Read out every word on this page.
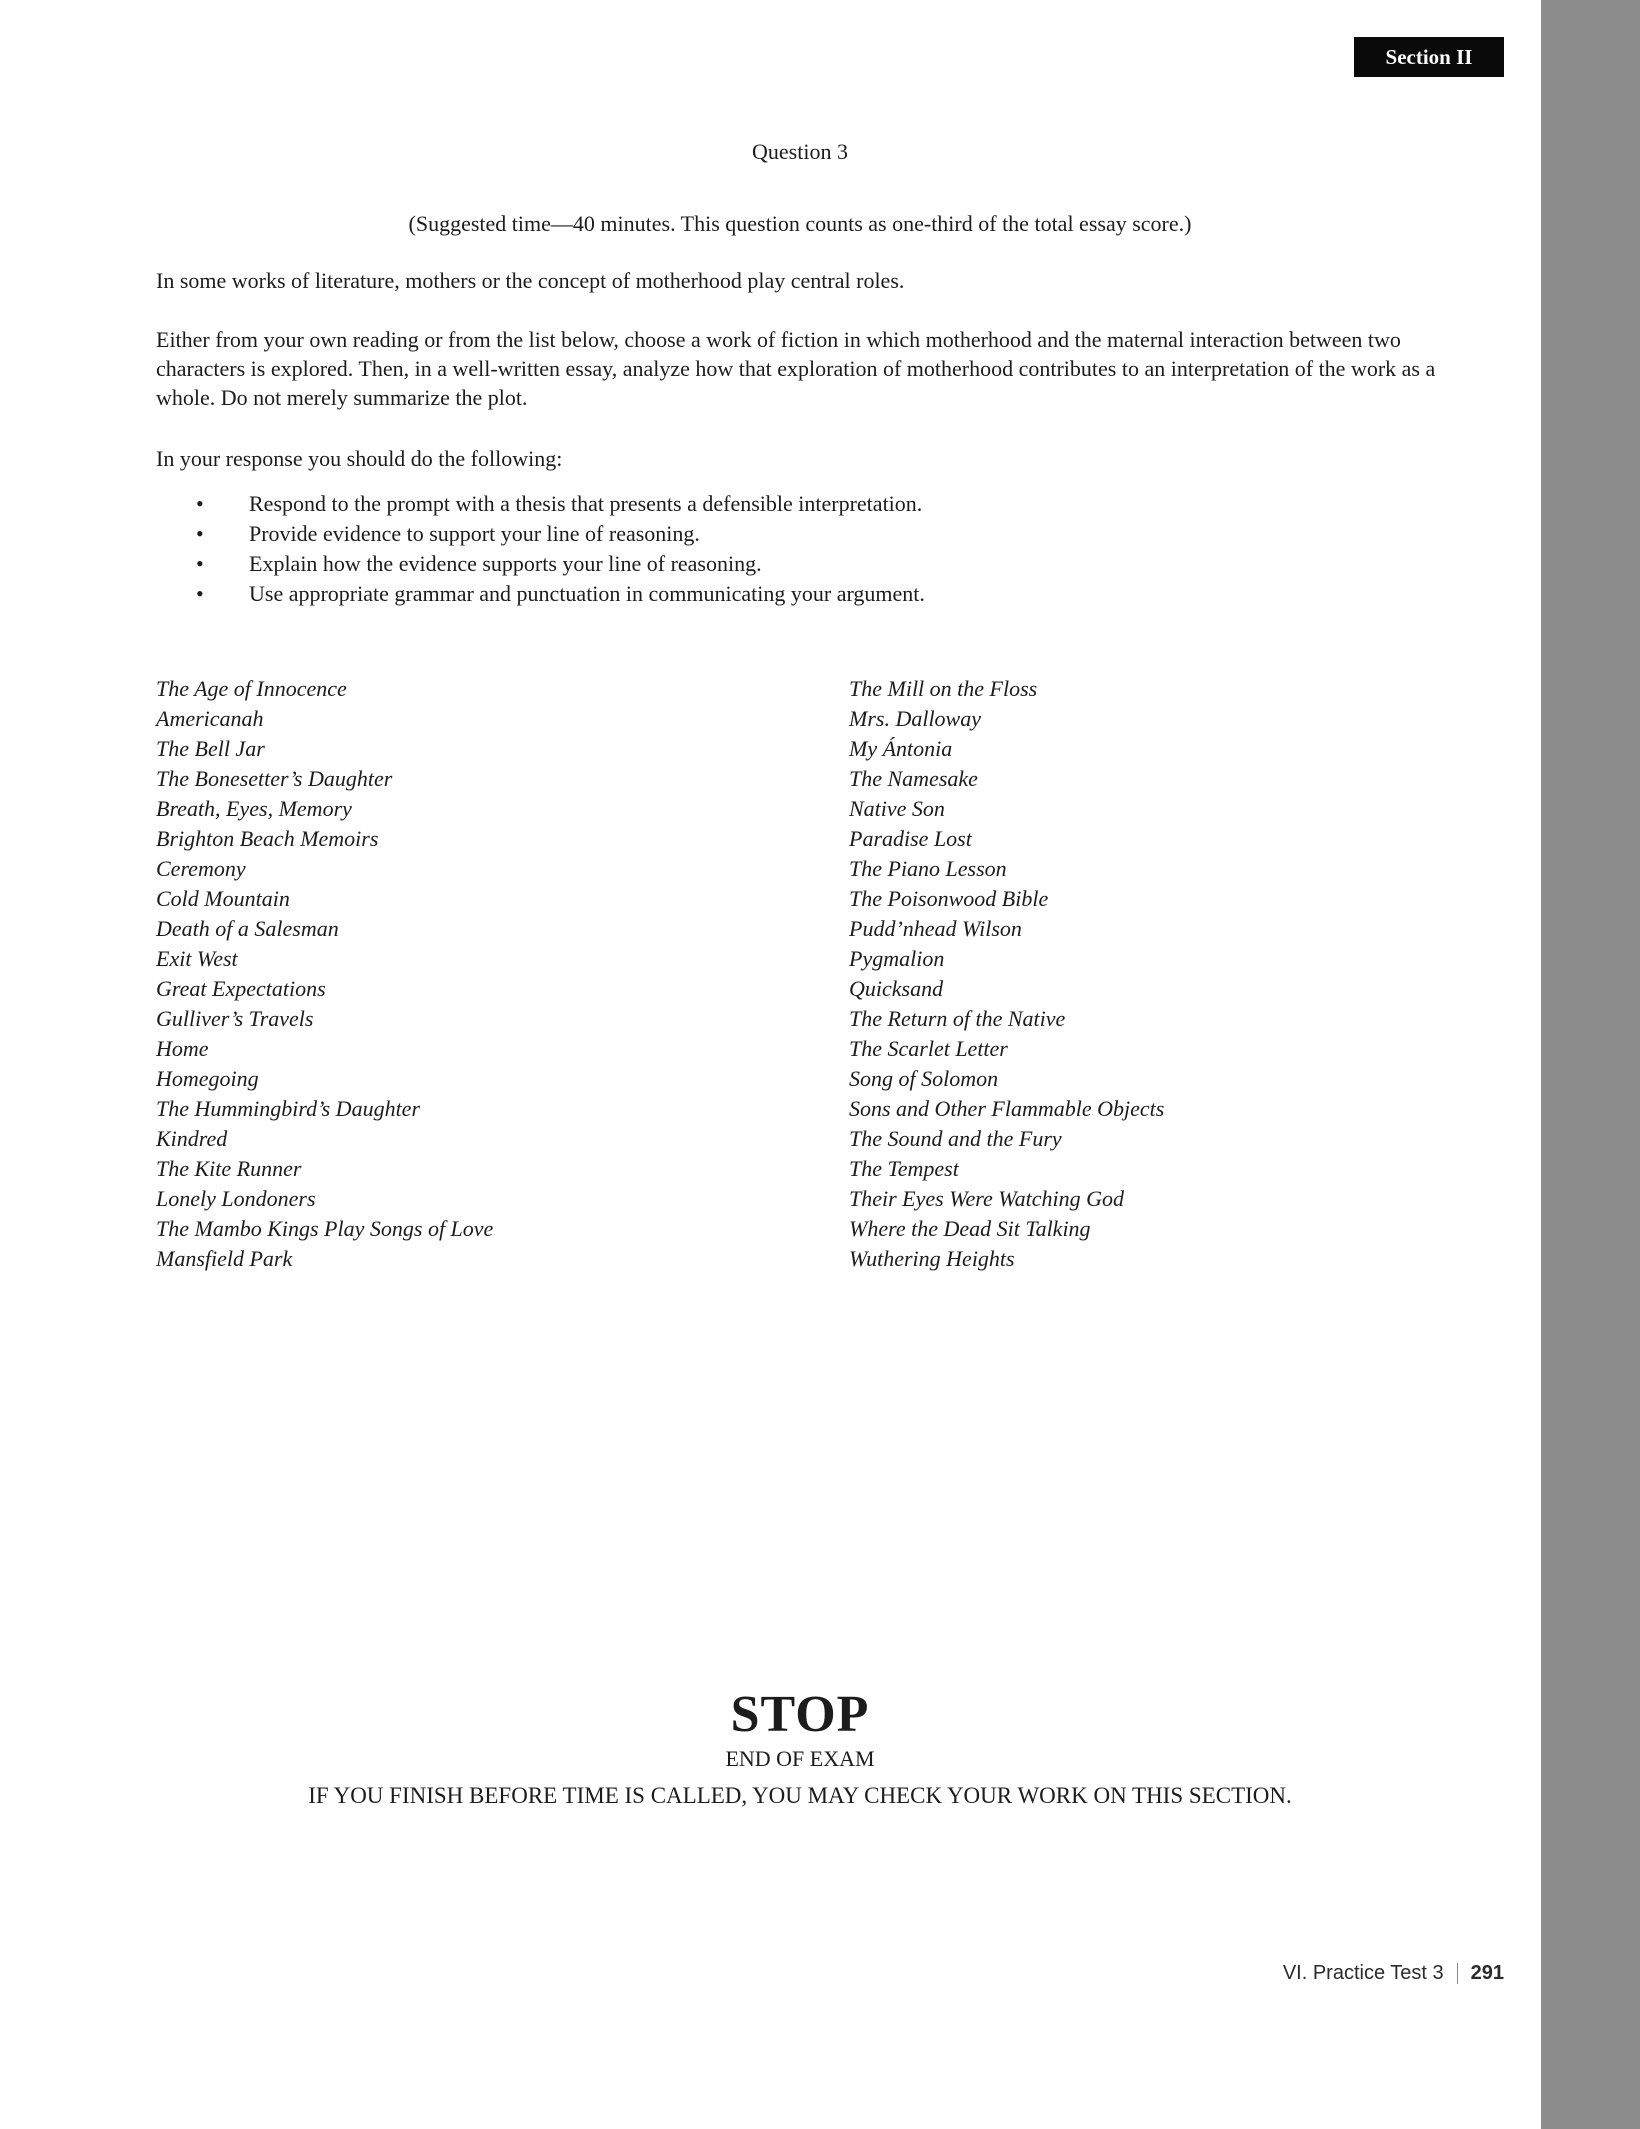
Section II
Question 3

(Suggested time—40 minutes. This question counts as one-third of the total essay score.)

In some works of literature, mothers or the concept of motherhood play central roles.

Either from your own reading or from the list below, choose a work of fiction in which motherhood and the maternal interaction between two characters is explored. Then, in a well-written essay, analyze how that exploration of motherhood contributes to an interpretation of the work as a whole. Do not merely summarize the plot.

In your response you should do the following:

• Respond to the prompt with a thesis that presents a defensible interpretation.
• Provide evidence to support your line of reasoning.
• Explain how the evidence supports your line of reasoning.
• Use appropriate grammar and punctuation in communicating your argument.
The Age of Innocence
Americanah
The Bell Jar
The Bonesetter’s Daughter
Breath, Eyes, Memory
Brighton Beach Memoirs
Ceremony
Cold Mountain
Death of a Salesman
Exit West
Great Expectations
Gulliver’s Travels
Home
Homegoing
The Hummingbird’s Daughter
Kindred
The Kite Runner
Lonely Londoners
The Mambo Kings Play Songs of Love
Mansfield Park
The Mill on the Floss
Mrs. Dalloway
My Ántonia
The Namesake
Native Son
Paradise Lost
The Piano Lesson
The Poisonwood Bible
Pudd’nhead Wilson
Pygmalion
Quicksand
The Return of the Native
The Scarlet Letter
Song of Solomon
Sons and Other Flammable Objects
The Sound and the Fury
The Tempest
Their Eyes Were Watching God
Where the Dead Sit Talking
Wuthering Heights
STOP
END OF EXAM
IF YOU FINISH BEFORE TIME IS CALLED, YOU MAY CHECK YOUR WORK ON THIS SECTION.
VI. Practice Test 3 291
